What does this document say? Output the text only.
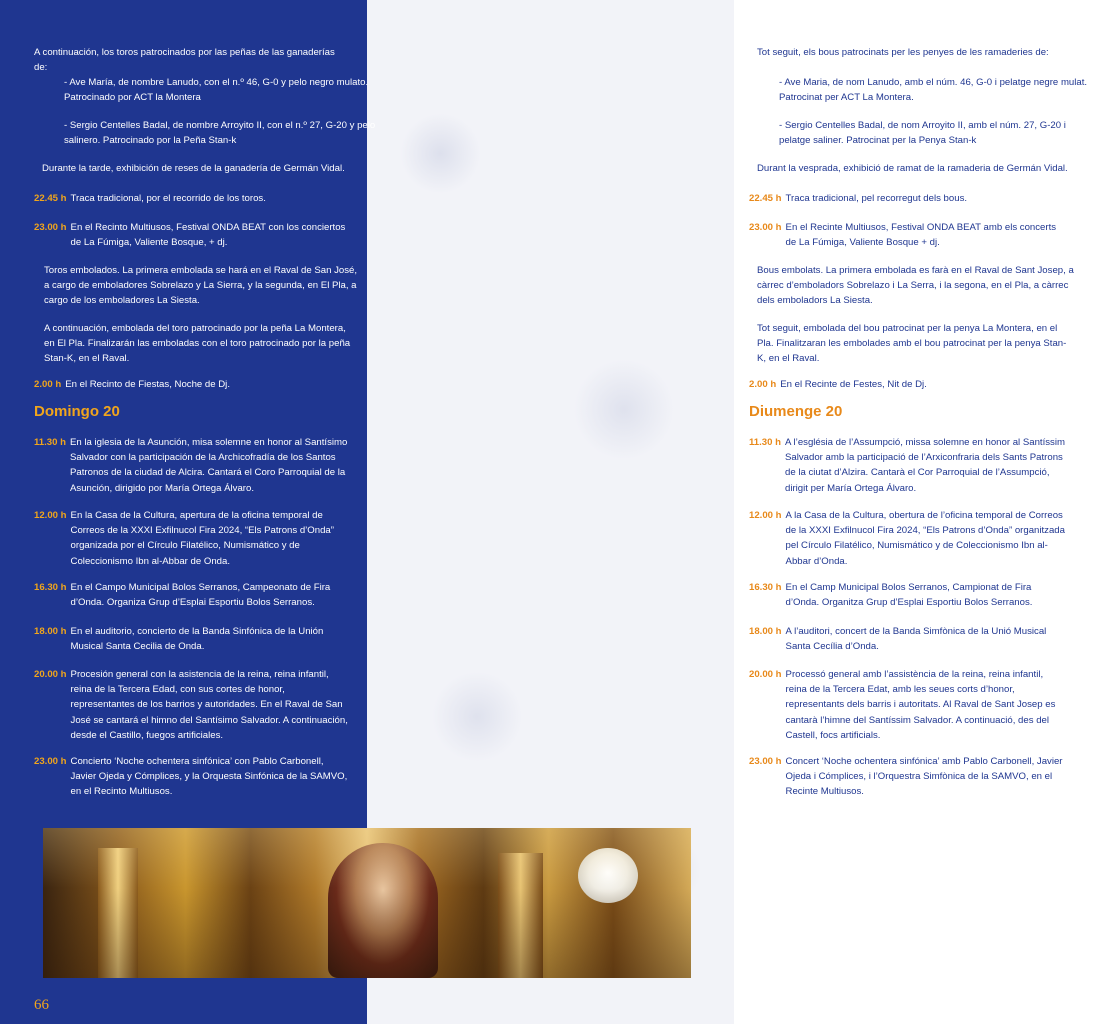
A continuación, los toros patrocinados por las peñas de las ganaderías de:

- Ave María, de nombre Lanudo, con el n.º 46, G-0 y pelo negro mulato. Patrocinado por ACT la Montera

- Sergio Centelles Badal, de nombre Arroyito II, con el n.º 27, G-20 y pelo salinero. Patrocinado por la Peña Stan-k

Durante la tarde, exhibición de reses de la ganadería de Germán Vidal.

22.45 h Traca tradicional, por el recorrido de los toros.
23.00 h En el Recinto Multiusos, Festival ONDA BEAT con los conciertos de La Fúmiga, Valiente Bosque, + dj.

Toros embolados. La primera embolada se hará en el Raval de San José, a cargo de emboladores Sobrelazo y La Sierra, y la segunda, en El Pla, a cargo de los emboladores La Siesta.

A continuación, embolada del toro patrocinado por la peña La Montera, en El Pla. Finalizarán las emboladas con el toro patrocinado por la peña Stan-K, en el Raval.

2.00 h En el Recinto de Fiestas, Noche de Dj.
Domingo 20
11.30 h En la iglesia de la Asunción, misa solemne en honor al Santísimo Salvador con la participación de la Archicofradía de los Santos Patronos de la ciudad de Alcira. Cantará el Coro Parroquial de la Asunción, dirigido por María Ortega Álvaro.
12.00 h En la Casa de la Cultura, apertura de la oficina temporal de Correos de la XXXI Exfilnucol Fira 2024, “Els Patrons d’Onda” organizada por el Círculo Filatélico, Numismático y de Coleccionismo Ibn al-Abbar de Onda.
16.30 h En el Campo Municipal Bolos Serranos, Campeonato de Fira d’Onda. Organiza Grup d’Esplai Esportiu Bolos Serranos.
18.00 h En el auditorio, concierto de la Banda Sinfónica de la Unión Musical Santa Cecilia de Onda.
20.00 h Procesión general con la asistencia de la reina, reina infantil, reina de la Tercera Edad, con sus cortes de honor, representantes de los barrios y autoridades. En el Raval de San José se cantará el himno del Santísimo Salvador. A continuación, desde el Castillo, fuegos artificiales.
23.00 h Concierto ‘Noche ochentera sinfónica’ con Pablo Carbonell, Javier Ojeda y Cómplices, y la Orquesta Sinfónica de la SAMVO, en el Recinto Multiusos.

Tot seguit, els bous patrocinats per les penyes de les ramaderies de:

- Ave Maria, de nom Lanudo, amb el núm. 46, G-0 i pelatge negre mulat. Patrocinat per ACT La Montera.

- Sergio Centelles Badal, de nom Arroyito II, amb el núm. 27, G-20 i pelatge saliner. Patrocinat per la Penya Stan-k

Durant la vesprada, exhibició de ramat de la ramaderia de Germán Vidal.

22.45 h Traca tradicional, pel recorregut dels bous.
23.00 h En el Recinte Multiusos, Festival ONDA BEAT amb els concerts de La Fúmiga, Valiente Bosque + dj.

Bous embolats. La primera embolada es farà en el Raval de Sant Josep, a càrrec d’emboladors Sobrelazo i La Serra, i la segona, en el Pla, a càrrec dels emboladors La Siesta.

Tot seguit, embolada del bou patrocinat per la penya La Montera, en el Pla. Finalitzaran les embolades amb el bou patrocinat per la penya Stan-K, en el Raval.

2.00 h En el Recinte de Festes, Nit de Dj.
Diumenge 20
11.30 h A l’església de l’Assumpció, missa solemne en honor al Santíssim Salvador amb la participació de l’Arxiconfraria dels Sants Patrons de la ciutat d’Alzira. Cantarà el Cor Parroquial de l’Assumpció, dirigit per María Ortega Álvaro.
12.00 h A la Casa de la Cultura, obertura de l’oficina temporal de Correos de la XXXI Exfilnucol Fira 2024, “Els Patrons d’Onda” organitzada pel Círculo Filatélico, Numismático y de Coleccionismo Ibn al-Abbar d’Onda.
16.30 h En el Camp Municipal Bolos Serranos, Campionat de Fira d’Onda. Organitza Grup d’Esplai Esportiu Bolos Serranos.
18.00 h A l’auditori, concert de la Banda Simfònica de la Unió Musical Santa Cecília d’Onda.
20.00 h Processó general amb l’assistència de la reina, reina infantil, reina de la Tercera Edat, amb les seues corts d’honor, representants dels barris i autoritats. Al Raval de Sant Josep es cantarà l’himne del Santíssim Salvador. A continuació, des del Castell, focs artificials.
23.00 h Concert ‘Noche ochentera sinfónica’ amb Pablo Carbonell, Javier Ojeda i Cómplices, i l’Orquestra Simfònica de la SAMVO, en el Recinte Multiusos.
66
